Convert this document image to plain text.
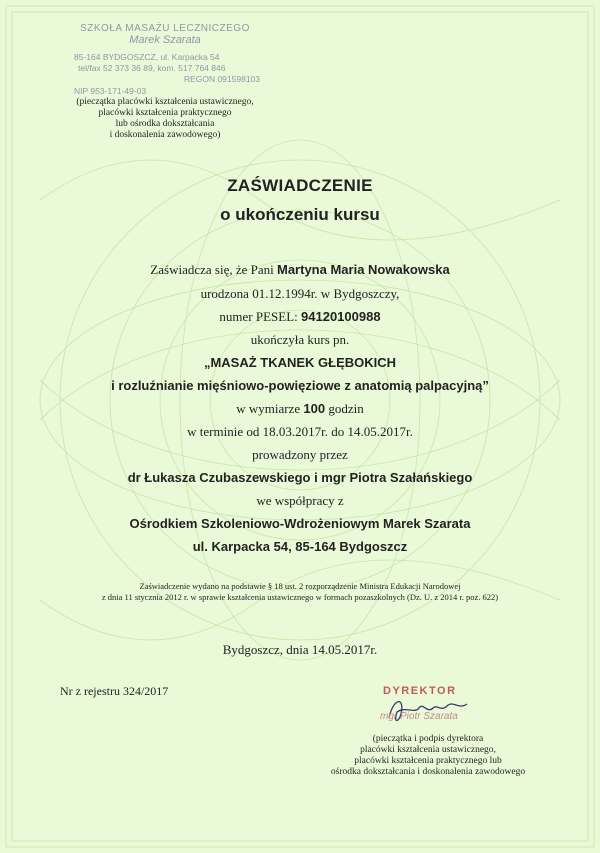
SZKOŁA MASAŻU LECZNICZEGO
Marek Szarata
85-164 BYDGOSZCZ, ul. Karpacka 54
tel/fax 52 373 36 89, kom. 517 764 846
REGON 091598103
NIP 953-171-49-03
(pieczątka placówki kształcenia ustawicznego,
placówki kształcenia praktycznego
lub ośrodka dokształcania
i doskonalenia zawodowego)
ZAŚWIADCZENIE
o ukończeniu kursu
Zaświadcza się, że Pani Martyna Maria Nowakowska
urodzona 01.12.1994r. w Bydgoszczy,
numer PESEL: 94120100988
ukończyła kurs pn.
„MASAŻ TKANEK GŁĘBOKICH
i rozluźnianie mięśniowo-powięziowe z anatomią palpacyjną”
w wymiarze 100 godzin
w terminie od 18.03.2017r. do 14.05.2017r.
prowadzony przez
dr Łukasza Czubaszewskiego i mgr Piotra Szałańskiego
we współpracy z
Ośrodkiem Szkoleniowo-Wdrożeniowym Marek Szarata
ul. Karpacka 54, 85-164 Bydgoszcz
Zaświadczenie wydano na podstawie § 18 ust. 2 rozporządzenie Ministra Edukacji Narodowej
z dnia 11 stycznia 2012 r. w sprawie kształcenia ustawicznego w formach pozaszkolnych (Dz. U. z 2014 r. poz. 622)
Bydgoszcz, dnia 14.05.2017r.
Nr z rejestru 324/2017	DYREKTOR
mgr Piotr Szarata
(pieczątka i podpis dyrektora
placówki kształcenia ustawicznego,
placówki kształcenia praktycznego lub
ośrodka dokształcania i doskonalenia zawodowego
